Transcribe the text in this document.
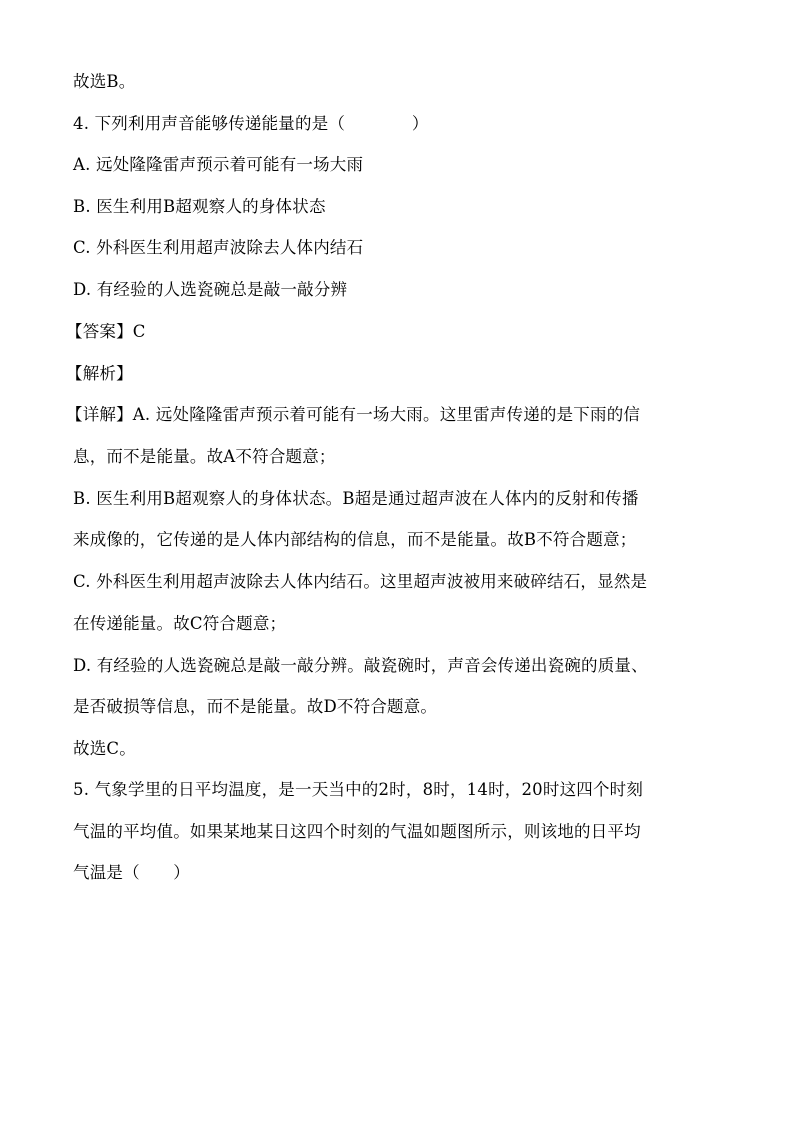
故选B。
4. 下列利用声音能够传递能量的是（　　　　）
A. 远处隆隆雷声预示着可能有一场大雨
B. 医生利用B超观察人的身体状态
C. 外科医生利用超声波除去人体内结石
D. 有经验的人选瓷碗总是敲一敲分辨
【答案】C
【解析】
【详解】A. 远处隆隆雷声预示着可能有一场大雨。这里雷声传递的是下雨的信
息，而不是能量。故A不符合题意；
B. 医生利用B超观察人的身体状态。B超是通过超声波在人体内的反射和传播
来成像的，它传递的是人体内部结构的信息，而不是能量。故B不符合题意；
C. 外科医生利用超声波除去人体内结石。这里超声波被用来破碎结石，显然是
在传递能量。故C符合题意；
D. 有经验的人选瓷碗总是敲一敲分辨。敲瓷碗时，声音会传递出瓷碗的质量、
是否破损等信息，而不是能量。故D不符合题意。
故选C。
5. 气象学里的日平均温度，是一天当中的2时，8时，14时，20时这四个时刻
气温的平均值。如果某地某日这四个时刻的气温如题图所示，则该地的日平均
气温是（　　）
